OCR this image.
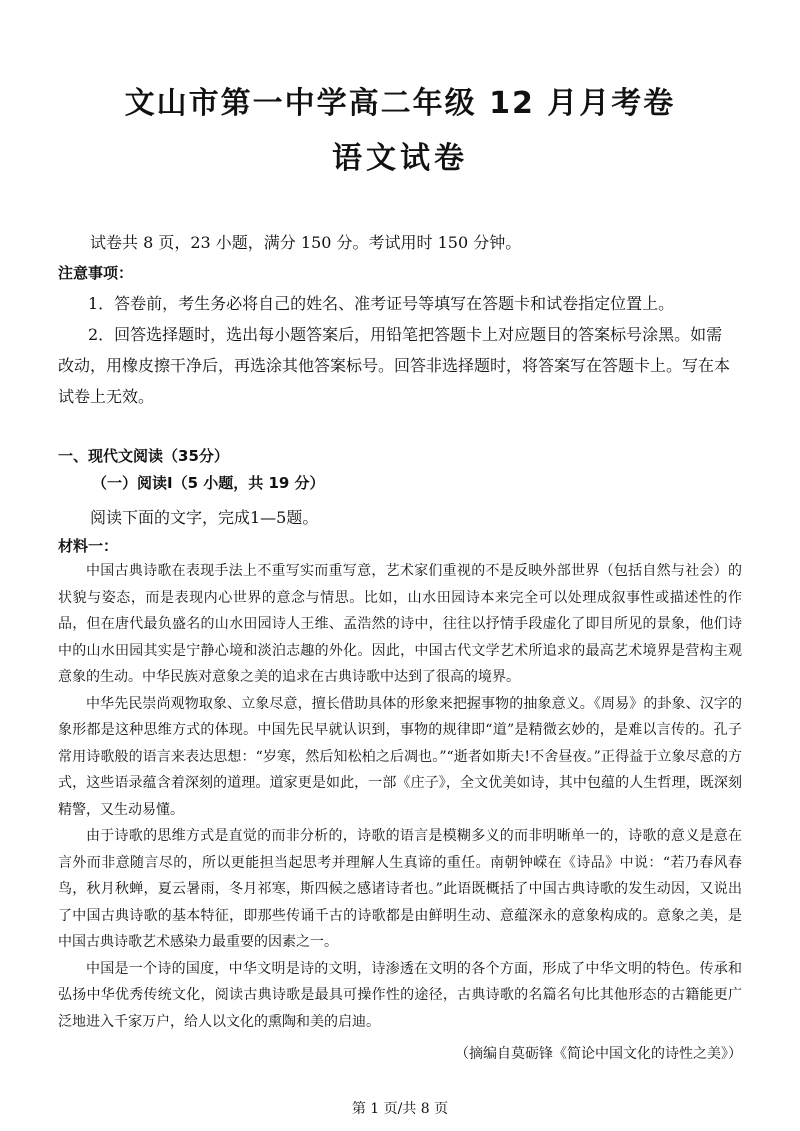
文山市第一中学高二年级 12 月月考卷
语文试卷
试卷共 8 页，23 小题，满分 150 分。考试用时 150 分钟。
注意事项：
1．答卷前，考生务必将自己的姓名、准考证号等填写在答题卡和试卷指定位置上。
2．回答选择题时，选出每小题答案后，用铅笔把答题卡上对应题目的答案标号涂黑。如需 改动，用橡皮擦干净后，再选涂其他答案标号。回答非选择题时，将答案写在答题卡上。写在本试卷上无效。
一、现代文阅读（35分）
（一）阅读Ⅰ（5 小题，共 19 分）
阅读下面的文字，完成1—5题。
材料一：

中国古典诗歌在表现手法上不重写实而重写意，艺术家们重视的不是反映外部世界（包括自然与社会）的状貌与姿态，而是表现内心世界的意念与情思。比如，山水田园诗本来完全可以处理成叙事性或描述性的作品，但在唐代最负盛名的山水田园诗人王维、孟浩然的诗中，往往以抒情手段虚化了即目所见的景象，他们诗中的山水田园其实是宁静心境和淡泊志趣的外化。因此，中国古代文学艺术所追求的最高艺术境界是营构主观意象的生动。中华民族对意象之美的追求在古典诗歌中达到了很高的境界。

中华先民崇尚观物取象、立象尽意，擅长借助具体的形象来把握事物的抽象意义。《周易》的卦象、汉字的象形都是这种思维方式的体现。中国先民早就认识到，事物的规律即“道”是精微玄妙的，是难以言传的。孔子常用诗歌般的语言来表达思想：“岁寒，然后知松柏之后凋也。”“逝者如斯夫!不舍昼夜。”正得益于立象尽意的方式，这些语录蕴含着深刻的道理。道家更是如此，一部《庄子》，全文优美如诗，其中包蕴的人生哲理，既深刻精警，又生动易懂。

由于诗歌的思维方式是直觉的而非分析的，诗歌的语言是模糊多义的而非明晰单一的，诗歌的意义是意在言外而非意随言尽的，所以更能担当起思考并理解人生真谛的重任。南朝钟嵘在《诗品》中说：“若乃春风春鸟，秋月秋蝉，夏云暑雨，冬月祁寒，斯四候之感诸诗者也。”此语既概括了中国古典诗歌的发生动因，又说出了中国古典诗歌的基本特征，即那些传诵千古的诗歌都是由鲜明生动、意蕴深永的意象构成的。意象之美，是中国古典诗歌艺术感染力最重要的因素之一。

中国是一个诗的国度，中华文明是诗的文明，诗渗透在文明的各个方面，形成了中华文明的特色。传承和弘扬中华优秀传统文化，阅读古典诗歌是最具可操作性的途径，古典诗歌的名篇名句比其他形态的古籍能更广泛地进入千家万户，给人以文化的熏陶和美的启迪。

（摘编自莫砺锋《简论中国文化的诗性之美》）
第 1 页/共 8 页
